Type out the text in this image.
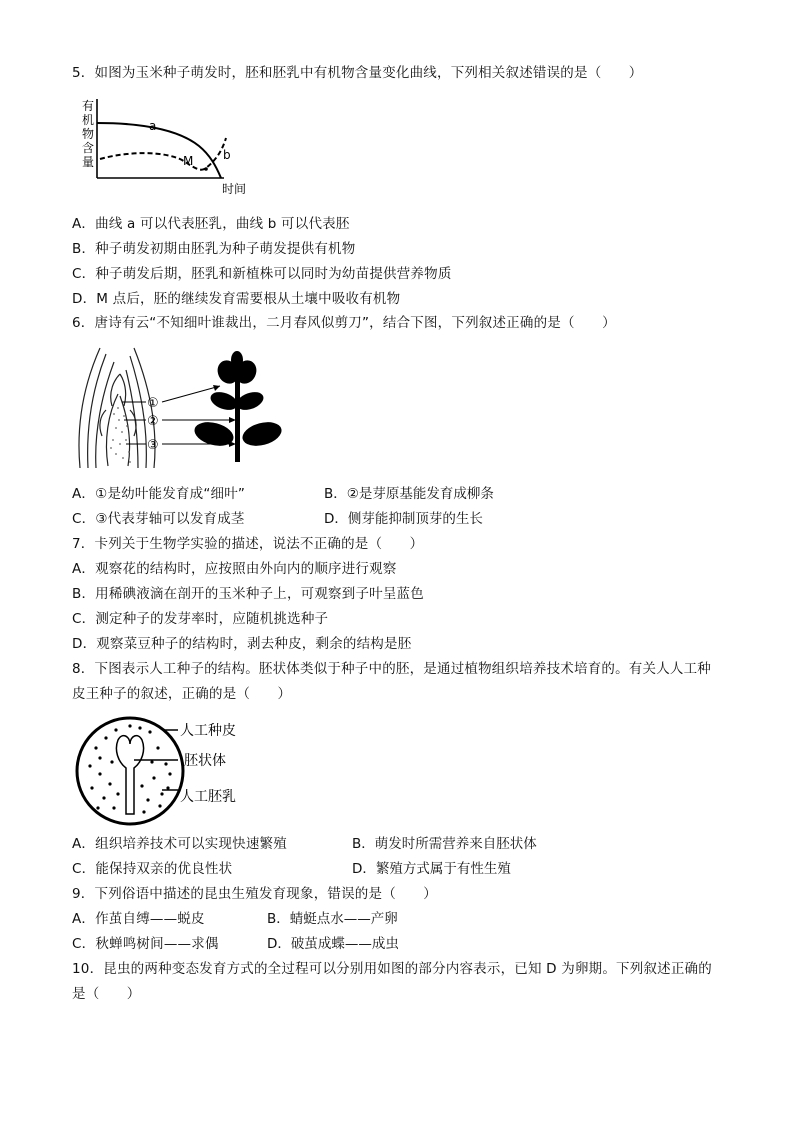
5．如图为玉米种子萌发时，胚和胚乳中有机物含量变化曲线，下列相关叙述错误的是（　　）
有
机
物
含
量
a
M b
时间
A．曲线 a 可以代表胚乳，曲线 b 可以代表胚
B．种子萌发初期由胚乳为种子萌发提供有机物
C．种子萌发后期，胚乳和新植株可以同时为幼苗提供营养物质
D．M 点后，胚的继续发育需要根从土壤中吸收有机物
6．唐诗有云“不知细叶谁裁出，二月春风似剪刀”，结合下图，下列叙述正确的是（　　）
①
②
③
A．①是幼叶能发育成“细叶”	B．②是芽原基能发育成柳条
C．③代表芽轴可以发育成茎	D．侧芽能抑制顶芽的生长
7．卡列关于生物学实验的描述，说法不正确的是（　　）
A．观察花的结构时，应按照由外向内的顺序进行观察
B．用稀碘液滴在剖开的玉米种子上，可观察到子叶呈蓝色
C．测定种子的发芽率时，应随机挑选种子
D．观察菜豆种子的结构时，剥去种皮，剩余的结构是胚
8．下图表示人工种子的结构。胚状体类似于种子中的胚，是通过植物组织培养技术培育的。有关人人工种
皮王种子的叙述，正确的是（　　）
人工种皮
胚状体
人工胚乳
A．组织培养技术可以实现快速繁殖	B．萌发时所需营养来自胚状体
C．能保持双亲的优良性状	D．繁殖方式属于有性生殖
9．下列俗语中描述的昆虫生殖发育现象，错误的是（　　）
A．作茧自缚——蜕皮	B．蜻蜓点水——产卵
C．秋蝉鸣树间——求偶	D．破茧成蝶——成虫
10．昆虫的两种变态发育方式的全过程可以分别用如图的部分内容表示，已知 D 为卵期。下列叙述正确的
是（　　）
